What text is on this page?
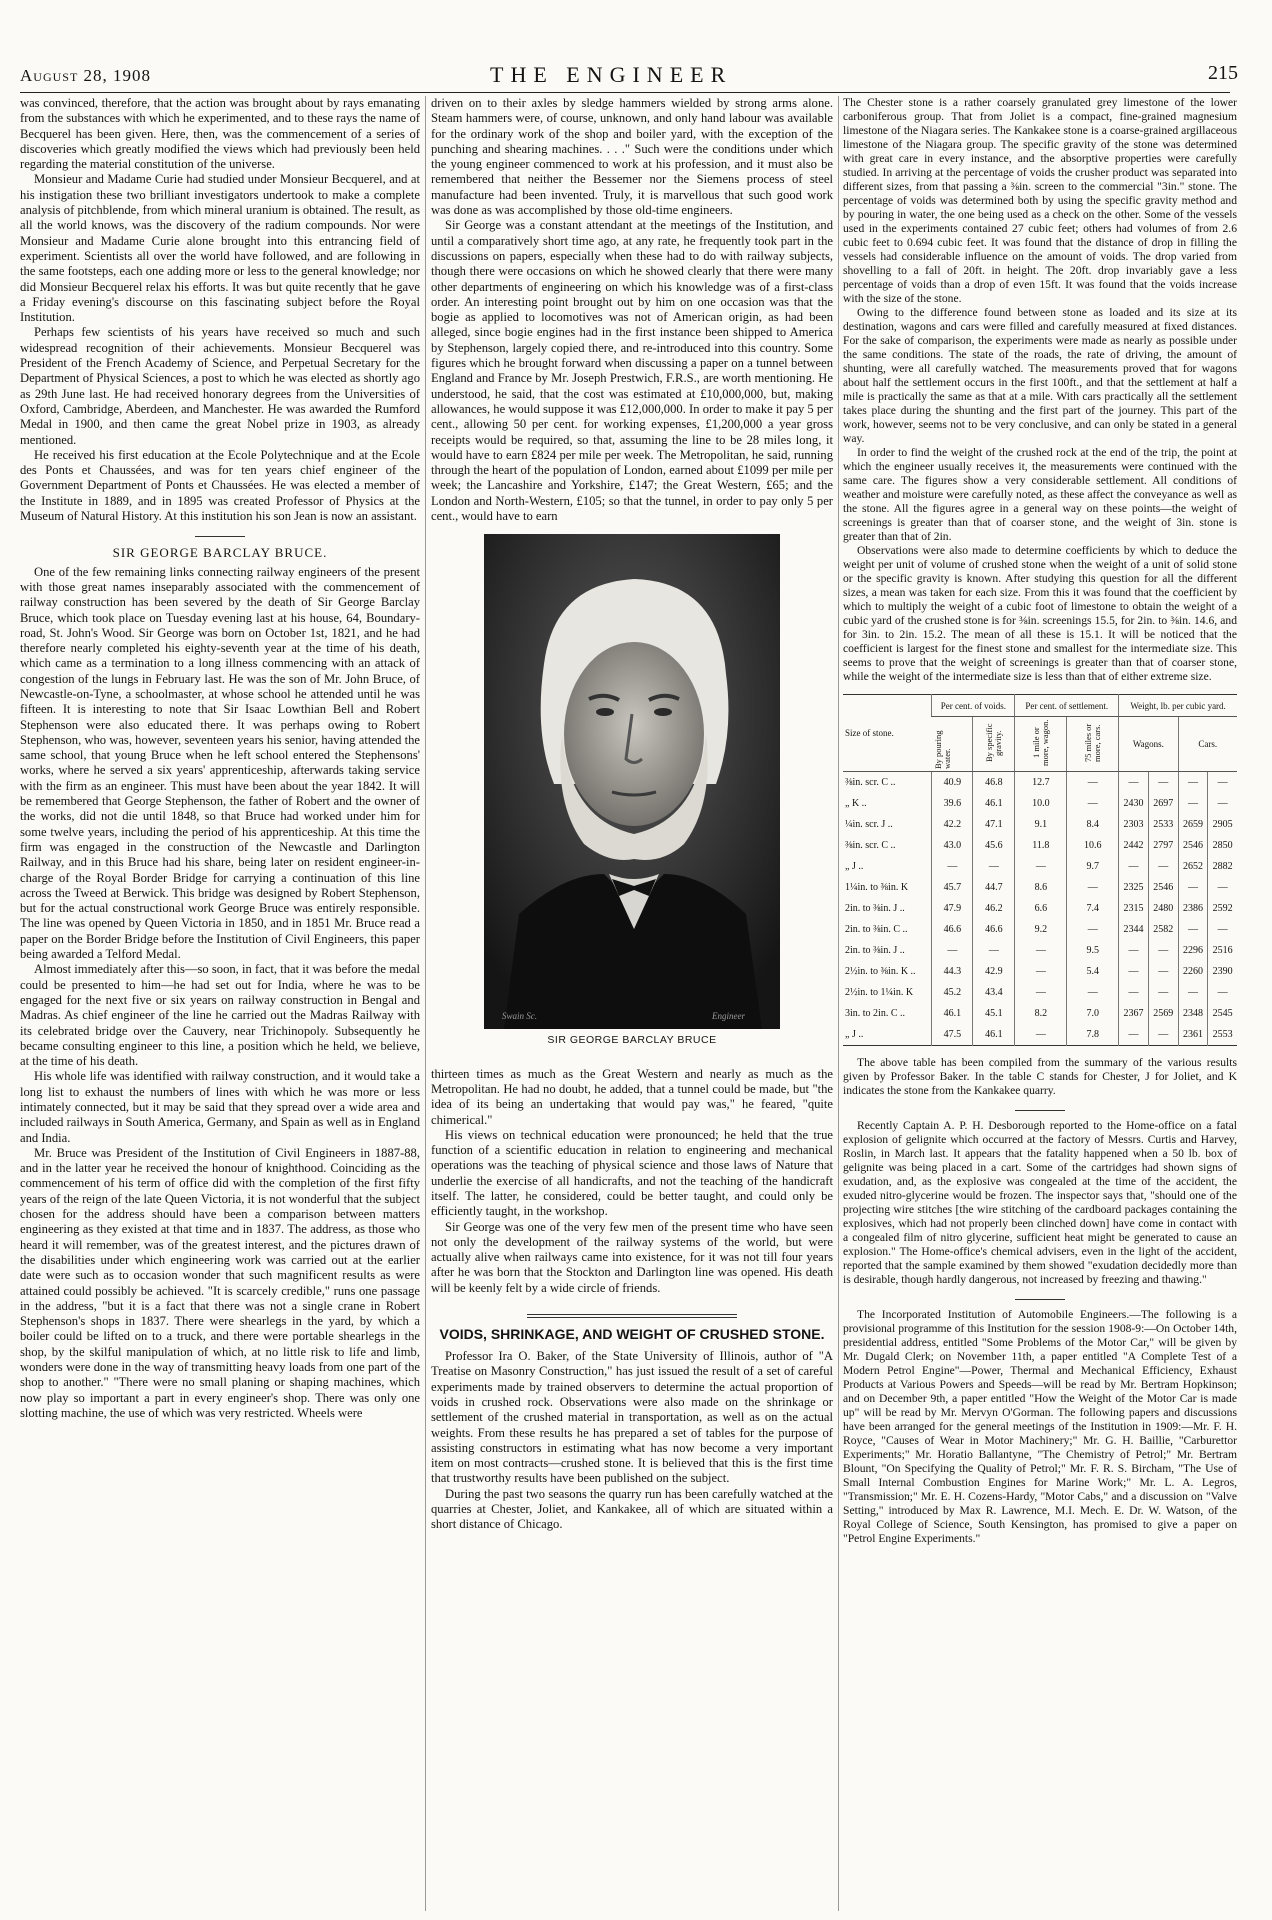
August 28, 1908	THE ENGINEER	215

was convinced, therefore, that the action was brought about by rays emanating from the substances with which he experimented, and to these rays the name of Becquerel has been given. Here, then, was the commencement of a series of discoveries which greatly modified the views which had previously been held regarding the material constitution of the universe.

Monsieur and Madame Curie had studied under Monsieur Becquerel, and at his instigation these two brilliant investigators undertook to make a complete analysis of pitchblende, from which mineral uranium is obtained. The result, as all the world knows, was the discovery of the radium compounds. Nor were Monsieur and Madame Curie alone brought into this entrancing field of experiment. Scientists all over the world have followed, and are following in the same footsteps, each one adding more or less to the general knowledge; nor did Monsieur Becquerel relax his efforts. It was but quite recently that he gave a Friday evening's discourse on this fascinating subject before the Royal Institution.

Perhaps few scientists of his years have received so much and such widespread recognition of their achievements. Monsieur Becquerel was President of the French Academy of Science, and Perpetual Secretary for the Department of Physical Sciences, a post to which he was elected as shortly ago as 29th June last. He had received honorary degrees from the Universities of Oxford, Cambridge, Aberdeen, and Manchester. He was awarded the Rumford Medal in 1900, and then came the great Nobel prize in 1903, as already mentioned.

He received his first education at the Ecole Polytechnique and at the Ecole des Ponts et Chaussées, and was for ten years chief engineer of the Government Department of Ponts et Chaussées. He was elected a member of the Institute in 1889, and in 1895 was created Professor of Physics at the Museum of Natural History. At this institution his son Jean is now an assistant.

SIR GEORGE BARCLAY BRUCE.

One of the few remaining links connecting railway engineers of the present with those great names inseparably associated with the commencement of railway construction has been severed by the death of Sir George Barclay Bruce, which took place on Tuesday evening last at his house, 64, Boundary-road, St. John's Wood. Sir George was born on October 1st, 1821, and he had therefore nearly completed his eighty-seventh year at the time of his death, which came as a termination to a long illness commencing with an attack of congestion of the lungs in February last. He was the son of Mr. John Bruce, of Newcastle-on-Tyne, a schoolmaster, at whose school he attended until he was fifteen. It is interesting to note that Sir Isaac Lowthian Bell and Robert Stephenson were also educated there. It was perhaps owing to Robert Stephenson, who was, however, seventeen years his senior, having attended the same school, that young Bruce when he left school entered the Stephensons' works, where he served a six years' apprenticeship, afterwards taking service with the firm as an engineer. This must have been about the year 1842. It will be remembered that George Stephenson, the father of Robert and the owner of the works, did not die until 1848, so that Bruce had worked under him for some twelve years, including the period of his apprenticeship. At this time the firm was engaged in the construction of the Newcastle and Darlington Railway, and in this Bruce had his share, being later on resident engineer-in-charge of the Royal Border Bridge for carrying a continuation of this line across the Tweed at Berwick. This bridge was designed by Robert Stephenson, but for the actual constructional work George Bruce was entirely responsible. The line was opened by Queen Victoria in 1850, and in 1851 Mr. Bruce read a paper on the Border Bridge before the Institution of Civil Engineers, this paper being awarded a Telford Medal.

Almost immediately after this—so soon, in fact, that it was before the medal could be presented to him—he had set out for India, where he was to be engaged for the next five or six years on railway construction in Bengal and Madras. As chief engineer of the line he carried out the Madras Railway with its celebrated bridge over the Cauvery, near Trichinopoly. Subsequently he became consulting engineer to this line, a position which he held, we believe, at the time of his death.

His whole life was identified with railway construction, and it would take a long list to exhaust the numbers of lines with which he was more or less intimately connected, but it may be said that they spread over a wide area and included railways in South America, Germany, and Spain as well as in England and India.

Mr. Bruce was President of the Institution of Civil Engineers in 1887-88, and in the latter year he received the honour of knighthood. Coinciding as the commencement of his term of office did with the completion of the first fifty years of the reign of the late Queen Victoria, it is not wonderful that the subject chosen for the address should have been a comparison between matters engineering as they existed at that time and in 1837. The address, as those who heard it will remember, was of the greatest interest, and the pictures drawn of the disabilities under which engineering work was carried out at the earlier date were such as to occasion wonder that such magnificent results as were attained could possibly be achieved. "It is scarcely credible," runs one passage in the address, "but it is a fact that there was not a single crane in Robert Stephenson's shops in 1837. There were shearlegs in the yard, by which a boiler could be lifted on to a truck, and there were portable shearlegs in the shop, by the skilful manipulation of which, at no little risk to life and limb, wonders were done in the way of transmitting heavy loads from one part of the shop to another." "There were no small planing or shaping machines, which now play so important a part in every engineer's shop. There was only one slotting machine, the use of which was very restricted. Wheels were

driven on to their axles by sledge hammers wielded by strong arms alone. Steam hammers were, of course, unknown, and only hand labour was available for the ordinary work of the shop and boiler yard, with the exception of the punching and shearing machines. . . ." Such were the conditions under which the young engineer commenced to work at his profession, and it must also be remembered that neither the Bessemer nor the Siemens process of steel manufacture had been invented. Truly, it is marvellous that such good work was done as was accomplished by those old-time engineers.

Sir George was a constant attendant at the meetings of the Institution, and until a comparatively short time ago, at any rate, he frequently took part in the discussions on papers, especially when these had to do with railway subjects, though there were occasions on which he showed clearly that there were many other departments of engineering on which his knowledge was of a first-class order. An interesting point brought out by him on one occasion was that the bogie as applied to locomotives was not of American origin, as had been alleged, since bogie engines had in the first instance been shipped to America by Stephenson, largely copied there, and re-introduced into this country. Some figures which he brought forward when discussing a paper on a tunnel between England and France by Mr. Joseph Prestwich, F.R.S., are worth mentioning. He understood, he said, that the cost was estimated at £10,000,000, but, making allowances, he would suppose it was £12,000,000. In order to make it pay 5 per cent., allowing 50 per cent. for working expenses, £1,200,000 a year gross receipts would be required, so that, assuming the line to be 28 miles long, it would have to earn £824 per mile per week. The Metropolitan, he said, running through the heart of the population of London, earned about £1099 per mile per week; the Lancashire and Yorkshire, £147; the Great Western, £65; and the London and North-Western, £105; so that the tunnel, in order to pay only 5 per cent., would have to earn

Swain Sc.	Engineer
SIR GEORGE BARCLAY BRUCE

thirteen times as much as the Great Western and nearly as much as the Metropolitan. He had no doubt, he added, that a tunnel could be made, but "the idea of its being an undertaking that would pay was," he feared, "quite chimerical."

His views on technical education were pronounced; he held that the true function of a scientific education in relation to engineering and mechanical operations was the teaching of physical science and those laws of Nature that underlie the exercise of all handicrafts, and not the teaching of the handicraft itself. The latter, he considered, could be better taught, and could only be efficiently taught, in the workshop.

Sir George was one of the very few men of the present time who have seen not only the development of the railway systems of the world, but were actually alive when railways came into existence, for it was not till four years after he was born that the Stockton and Darlington line was opened. His death will be keenly felt by a wide circle of friends.

VOIDS, SHRINKAGE, AND WEIGHT OF CRUSHED STONE.

Professor Ira O. Baker, of the State University of Illinois, author of "A Treatise on Masonry Construction," has just issued the result of a set of careful experiments made by trained observers to determine the actual proportion of voids in crushed rock. Observations were also made on the shrinkage or settlement of the crushed material in transportation, as well as on the actual weights. From these results he has prepared a set of tables for the purpose of assisting constructors in estimating what has now become a very important item on most contracts—crushed stone. It is believed that this is the first time that trustworthy results have been published on the subject.

During the past two seasons the quarry run has been carefully watched at the quarries at Chester, Joliet, and Kankakee, all of which are situated within a short distance of Chicago.

The Chester stone is a rather coarsely granulated grey limestone of the lower carboniferous group. That from Joliet is a compact, fine-grained magnesium limestone of the Niagara series. The Kankakee stone is a coarse-grained argillaceous limestone of the Niagara group. The specific gravity of the stone was determined with great care in every instance, and the absorptive properties were carefully studied. In arriving at the percentage of voids the crusher product was separated into different sizes, from that passing a ⅜in. screen to the commercial "3in." stone. The percentage of voids was determined both by using the specific gravity method and by pouring in water, the one being used as a check on the other. Some of the vessels used in the experiments contained 27 cubic feet; others had volumes of from 2.6 cubic feet to 0.694 cubic feet. It was found that the distance of drop in filling the vessels had considerable influence on the amount of voids. The drop varied from shovelling to a fall of 20ft. in height. The 20ft. drop invariably gave a less percentage of voids than a drop of even 15ft. It was found that the voids increase with the size of the stone.

Owing to the difference found between stone as loaded and its size at its destination, wagons and cars were filled and carefully measured at fixed distances. For the sake of comparison, the experiments were made as nearly as possible under the same conditions. The state of the roads, the rate of driving, the amount of shunting, were all carefully watched. The measurements proved that for wagons about half the settlement occurs in the first 100ft., and that the settlement at half a mile is practically the same as that at a mile. With cars practically all the settlement takes place during the shunting and the first part of the journey. This part of the work, however, seems not to be very conclusive, and can only be stated in a general way.

In order to find the weight of the crushed rock at the end of the trip, the point at which the engineer usually receives it, the measurements were continued with the same care. The figures show a very considerable settlement. All conditions of weather and moisture were carefully noted, as these affect the conveyance as well as the stone. All the figures agree in a general way on these points—the weight of screenings is greater than that of coarser stone, and the weight of 3in. stone is greater than that of 2in.

Observations were also made to determine coefficients by which to deduce the weight per unit of volume of crushed stone when the weight of a unit of solid stone or the specific gravity is known. After studying this question for all the different sizes, a mean was taken for each size. From this it was found that the coefficient by which to multiply the weight of a cubic foot of limestone to obtain the weight of a cubic yard of the crushed stone is for ⅜in. screenings 15.5, for 2in. to ⅜in. 14.6, and for 3in. to 2in. 15.2. The mean of all these is 15.1. It will be noticed that the coefficient is largest for the finest stone and smallest for the intermediate size. This seems to prove that the weight of screenings is greater than that of coarser stone, while the weight of the intermediate size is less than that of either extreme size.

Size of stone.	Per cent. of voids.		Per cent. of settlement.		Weight, lb. per cubic yard.			
	By pouring water.	By specific gravity.	1 mile or more, wagon.	75 miles or more, cars.	Wagons.		Cars.	
⅜in. scr. C ..	40.9	46.8	12.7	—	—	—	—	—
„ K ..	39.6	46.1	10.0	—	2430	2697	—	—
¼in. scr. J ..	42.2	47.1	9.1	8.4	2303	2533	2659	2905
⅜in. scr. C ..	43.0	45.6	11.8	10.6	2442	2797	2546	2850
„ J ..	—	—	—	9.7	—	—	2652	2882
1¼in. to ⅜in. K	45.7	44.7	8.6	—	2325	2546	—	—
2in. to ⅜in. J ..	47.9	46.2	6.6	7.4	2315	2480	2386	2592
2in. to ⅜in. C ..	46.6	46.6	9.2	—	2344	2582	—	—
2in. to ⅜in. J ..	—	—	—	9.5	—	—	2296	2516
2½in. to ⅜in. K ..	44.3	42.9	—	5.4	—	—	2260	2390
2½in. to 1¼in. K	45.2	43.4	—	—	—	—	—	—
3in. to 2in. C ..	46.1	45.1	8.2	7.0	2367	2569	2348	2545
„ J ..	47.5	46.1	—	7.8	—	—	2361	2553

The above table has been compiled from the summary of the various results given by Professor Baker. In the table C stands for Chester, J for Joliet, and K indicates the stone from the Kankakee quarry.

Recently Captain A. P. H. Desborough reported to the Home-office on a fatal explosion of gelignite which occurred at the factory of Messrs. Curtis and Harvey, Roslin, in March last. It appears that the fatality happened when a 50 lb. box of gelignite was being placed in a cart. Some of the cartridges had shown signs of exudation, and, as the explosive was congealed at the time of the accident, the exuded nitro-glycerine would be frozen. The inspector says that, "should one of the projecting wire stitches [the wire stitching of the cardboard packages containing the explosives, which had not properly been clinched down] have come in contact with a congealed film of nitro glycerine, sufficient heat might be generated to cause an explosion." The Home-office's chemical advisers, even in the light of the accident, reported that the sample examined by them showed "exudation decidedly more than is desirable, though hardly dangerous, not increased by freezing and thawing."

The Incorporated Institution of Automobile Engineers.—The following is a provisional programme of this Institution for the session 1908-9:—On October 14th, presidential address, entitled "Some Problems of the Motor Car," will be given by Mr. Dugald Clerk; on November 11th, a paper entitled "A Complete Test of a Modern Petrol Engine"—Power, Thermal and Mechanical Efficiency, Exhaust Products at Various Powers and Speeds—will be read by Mr. Bertram Hopkinson; and on December 9th, a paper entitled "How the Weight of the Motor Car is made up" will be read by Mr. Mervyn O'Gorman. The following papers and discussions have been arranged for the general meetings of the Institution in 1909:—Mr. F. H. Royce, "Causes of Wear in Motor Machinery;" Mr. G. H. Baillie, "Carburettor Experiments;" Mr. Horatio Ballantyne, "The Chemistry of Petrol;" Mr. Bertram Blount, "On Specifying the Quality of Petrol;" Mr. F. R. S. Bircham, "The Use of Small Internal Combustion Engines for Marine Work;" Mr. L. A. Legros, "Transmission;" Mr. E. H. Cozens-Hardy, "Motor Cabs," and a discussion on "Valve Setting," introduced by Max R. Lawrence, M.I. Mech. E. Dr. W. Watson, of the Royal College of Science, South Kensington, has promised to give a paper on "Petrol Engine Experiments."
